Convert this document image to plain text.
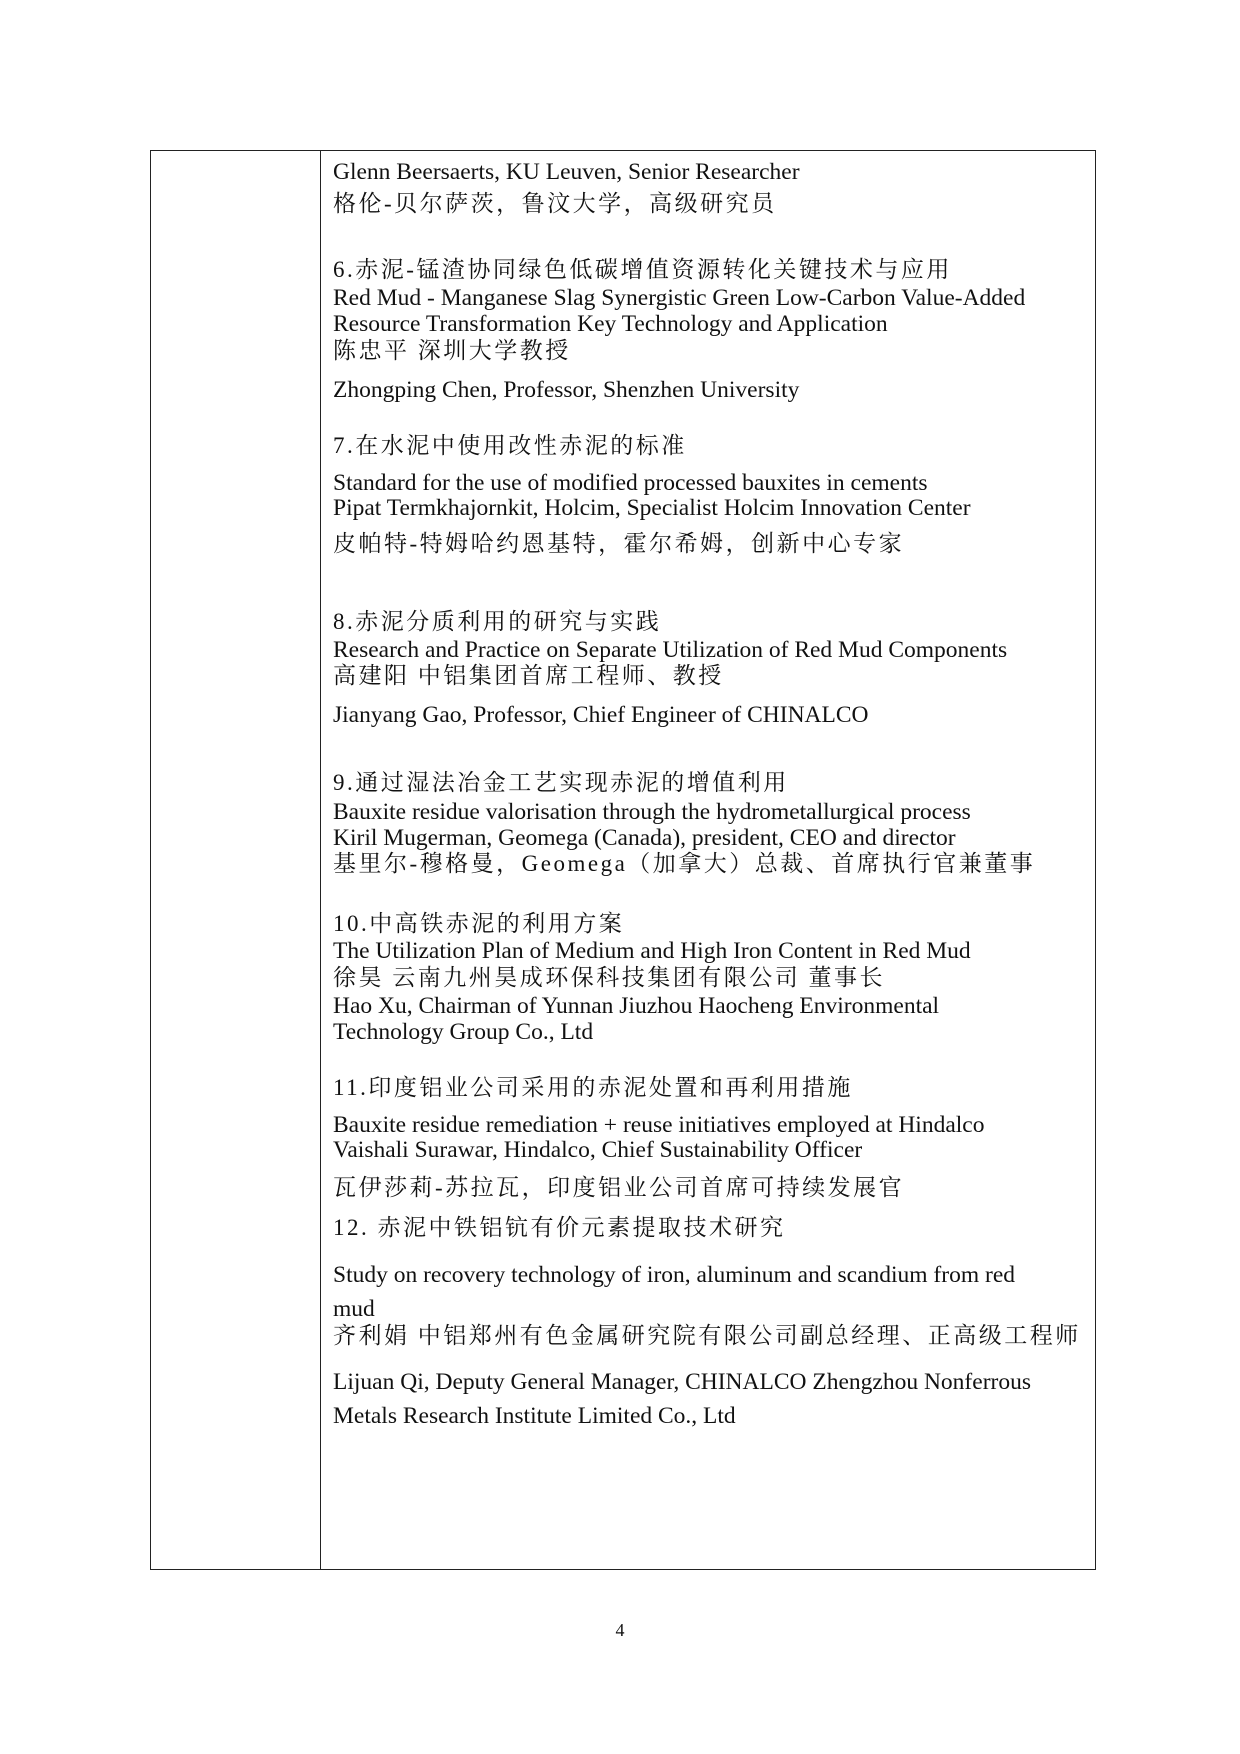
Glenn Beersaerts, KU Leuven, Senior Researcher
格伦-贝尔萨茨，鲁汶大学，高级研究员
6.赤泥-锰渣协同绿色低碳增值资源转化关键技术与应用
Red Mud - Manganese Slag Synergistic Green Low-Carbon Value-Added
Resource Transformation Key Technology and Application
陈忠平 深圳大学教授
Zhongping Chen, Professor, Shenzhen University
7.在水泥中使用改性赤泥的标准
Standard for the use of modified processed bauxites in cements
Pipat Termkhajornkit, Holcim, Specialist Holcim Innovation Center
皮帕特-特姆哈约恩基特，霍尔希姆，创新中心专家
8.赤泥分质利用的研究与实践
Research and Practice on Separate Utilization of Red Mud Components
高建阳 中铝集团首席工程师、教授
Jianyang Gao, Professor, Chief Engineer of CHINALCO
9.通过湿法冶金工艺实现赤泥的增值利用
Bauxite residue valorisation through the hydrometallurgical process
Kiril Mugerman, Geomega (Canada), president, CEO and director
基里尔-穆格曼，Geomega（加拿大）总裁、首席执行官兼董事
10.中高铁赤泥的利用方案
The Utilization Plan of Medium and High Iron Content in Red Mud
徐昊 云南九州昊成环保科技集团有限公司 董事长
Hao Xu, Chairman of Yunnan Jiuzhou Haocheng Environmental
Technology Group Co., Ltd
11.印度铝业公司采用的赤泥处置和再利用措施
Bauxite residue remediation + reuse initiatives employed at Hindalco
Vaishali Surawar, Hindalco, Chief Sustainability Officer
瓦伊莎莉-苏拉瓦，印度铝业公司首席可持续发展官
12. 赤泥中铁铝钪有价元素提取技术研究
Study on recovery technology of iron, aluminum and scandium from red
mud
齐利娟 中铝郑州有色金属研究院有限公司副总经理、正高级工程师
Lijuan Qi, Deputy General Manager, CHINALCO Zhengzhou Nonferrous
Metals Research Institute Limited Co., Ltd
4
